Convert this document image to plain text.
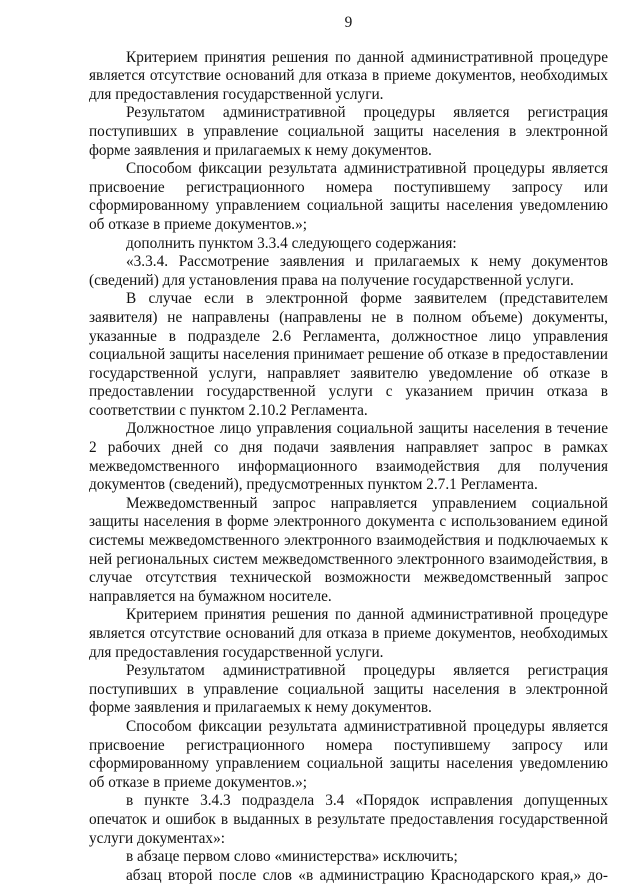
9

Критерием принятия решения по данной административной процедуре является отсутствие оснований для отказа в приеме документов, необходимых для предоставления государственной услуги.

Результатом административной процедуры является регистрация поступивших в управление социальной защиты населения в электронной форме заявления и прилагаемых к нему документов.

Способом фиксации результата административной процедуры является присвоение регистрационного номера поступившему запросу или сформированному управлением социальной защиты населения уведомлению об отказе в приеме документов.»;

дополнить пунктом 3.3.4 следующего содержания:

«3.3.4. Рассмотрение заявления и прилагаемых к нему документов (сведений) для установления права на получение государственной услуги.

В случае если в электронной форме заявителем (представителем заявителя) не направлены (направлены не в полном объеме) документы, указанные в подразделе 2.6 Регламента, должностное лицо управления социальной защиты населения принимает решение об отказе в предоставлении государственной услуги, направляет заявителю уведомление об отказе в предоставлении государственной услуги с указанием причин отказа в соответствии с пунктом 2.10.2 Регламента.

Должностное лицо управления социальной защиты населения в течение 2 рабочих дней со дня подачи заявления направляет запрос в рамках межведомственного информационного взаимодействия для получения документов (сведений), предусмотренных пунктом 2.7.1 Регламента.

Межведомственный запрос направляется управлением социальной защиты населения в форме электронного документа с использованием единой системы межведомственного электронного взаимодействия и подключаемых к ней региональных систем межведомственного электронного взаимодействия, в случае отсутствия технической возможности межведомственный запрос направляется на бумажном носителе.

Критерием принятия решения по данной административной процедуре является отсутствие оснований для отказа в приеме документов, необходимых для предоставления государственной услуги.

Результатом административной процедуры является регистрация поступивших в управление социальной защиты населения в электронной форме заявления и прилагаемых к нему документов.

Способом фиксации результата административной процедуры является присвоение регистрационного номера поступившему запросу или сформированному управлением социальной защиты населения уведомлению об отказе в приеме документов.»;

в пункте 3.4.3 подраздела 3.4 «Порядок исправления допущенных опечаток и ошибок в выданных в результате предоставления государственной услуги документах»:

в абзаце первом слово «министерства» исключить;

абзац второй после слов «в администрацию Краснодарского края,» до-
